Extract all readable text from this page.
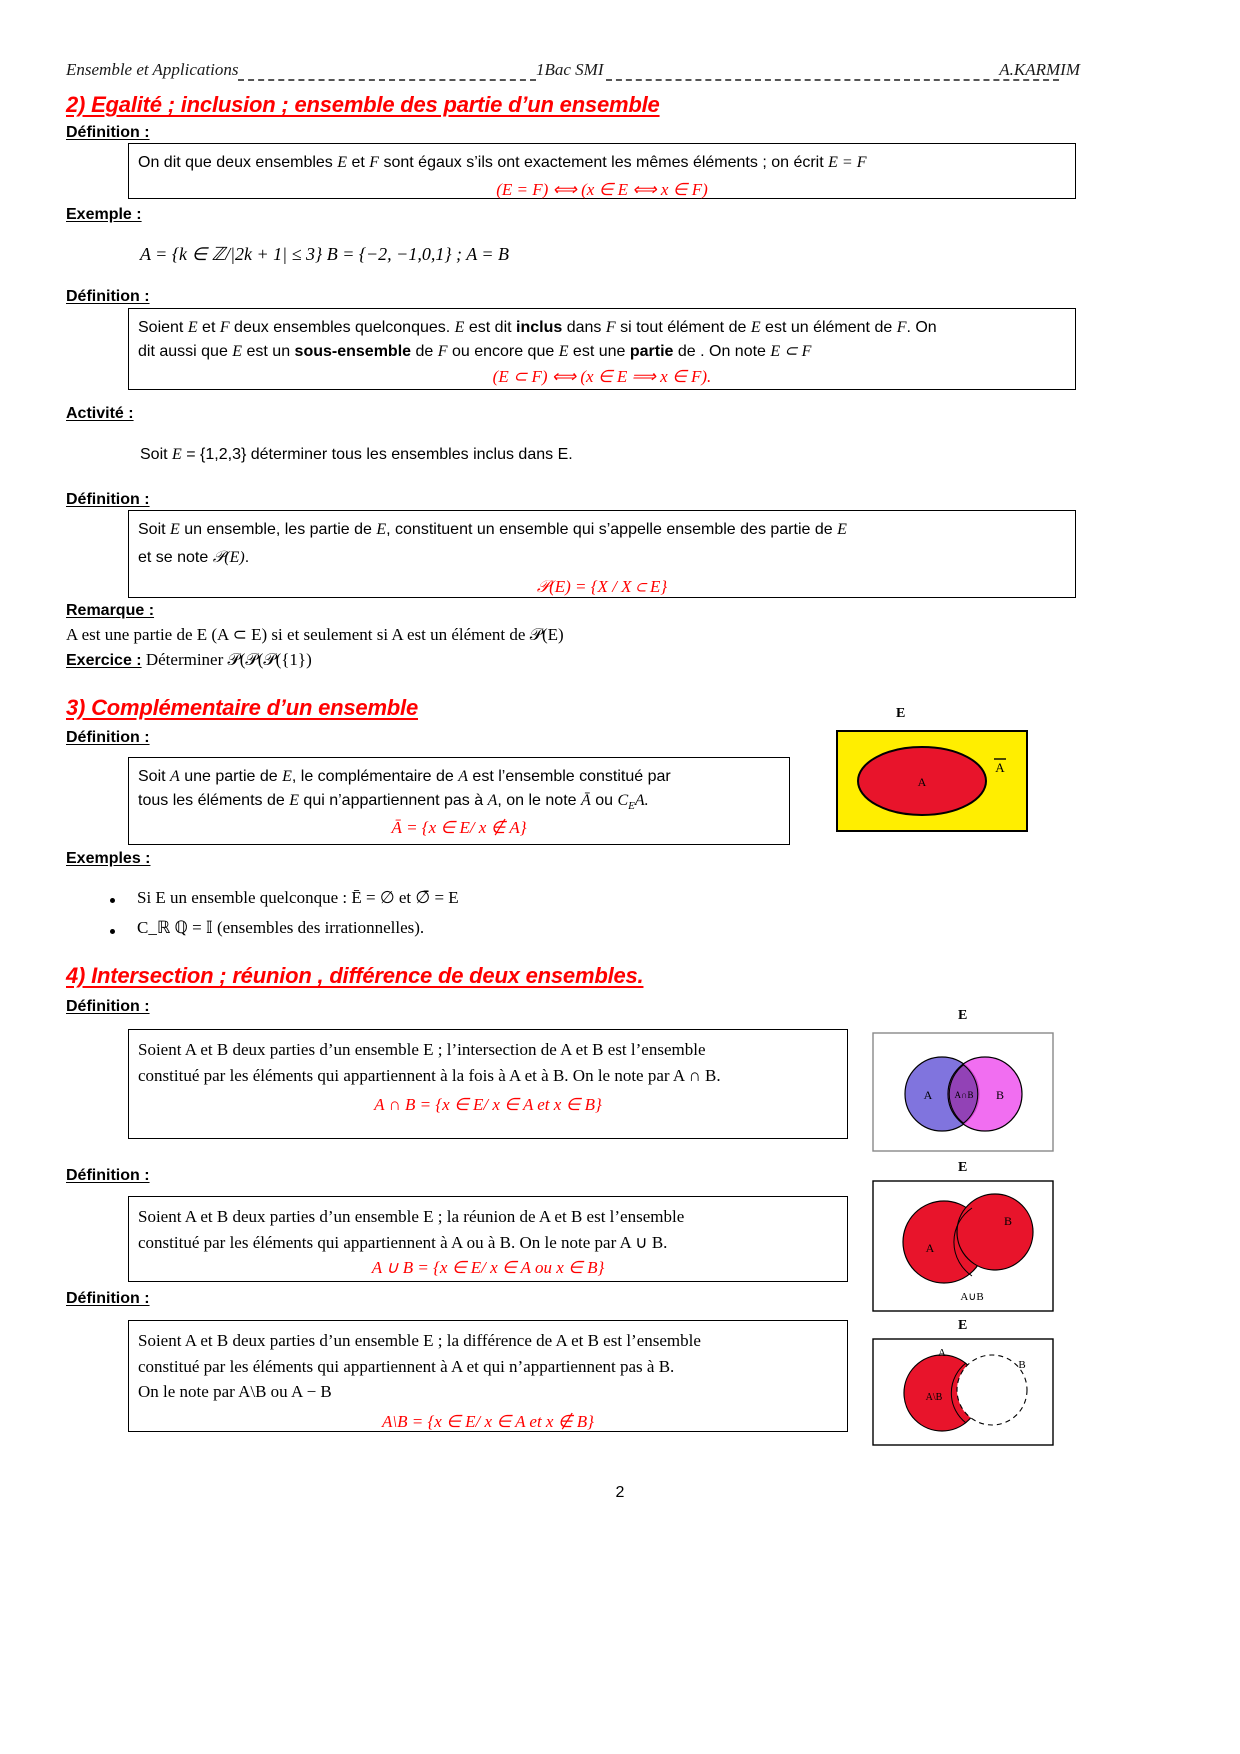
Ensemble et Applications	1Bac SMI	A.KARMIM
2) Egalité ; inclusion ; ensemble des partie d’un ensemble
Définition :
On dit que deux ensembles E et F sont égaux s’ils ont exactement les mêmes éléments ; on écrit E = F
(E = F) ⟺ (x ∈ E ⟺ x ∈ F)
Exemple :
A = {k ∈ ℤ/|2k + 1| ≤ 3} B = {−2, −1,0,1} ; A = B
Définition :
Soient E et F deux ensembles quelconques. E est dit inclus dans F si tout élément de E est un élément de F. On
dit aussi que E est un sous-ensemble de F ou encore que E est une partie de . On note E ⊂ F
(E ⊂ F) ⟺ (x ∈ E ⟹ x ∈ F).
Activité :
Soit E = {1,2,3} déterminer tous les ensembles inclus dans E.
Définition :
Soit E un ensemble, les partie de E, constituent un ensemble qui s’appelle ensemble des partie de E
et se note 𝒫(E).
𝒫(E) = {X / X ⊂ E}
Remarque :
A est une partie de E (A ⊂ E) si et seulement si A est un élément de 𝒫(E)
Exercice : Déterminer 𝒫(𝒫(𝒫({1})
3) Complémentaire d’un ensemble
Définition :
Soit A une partie de E, le complémentaire de A est l’ensemble constitué par
tous les éléments de E qui n’appartiennent pas à A, on le note Ā ou $C_EA$.
Ā = {x ∈ E/ x ∉ A}
E
A
A
Exemples :
Si E un ensemble quelconque : Ē = ∅ et ∅̄ = E
C_ℝ ℚ = 𝕀 (ensembles des irrationnelles).
4) Intersection ; réunion , différence de deux ensembles.
Définition :
Soient A et B deux parties d’un ensemble E ; l’intersection de A et B est l’ensemble
constitué par les éléments qui appartiennent à la fois à A et à B. On le note par A ∩ B.
A ∩ B = {x ∈ E/ x ∈ A et x ∈ B}
E
A A∩B B
Définition :
Soient A et B deux parties d’un ensemble E ; la réunion de A et B est l’ensemble
constitué par les éléments qui appartiennent à A ou à B. On le note par A ∪ B.
A ∪ B = {x ∈ E/ x ∈ A ou x ∈ B}
E
A
B
A∪B
Définition :
Soient A et B deux parties d’un ensemble E ; la différence de A et B est l’ensemble
constitué par les éléments qui appartiennent à A et qui n’appartiennent pas à B.
On le note par A\B ou A − B
A\B = {x ∈ E/ x ∈ A et x ∉ B}
E
A
B
A\B
2
